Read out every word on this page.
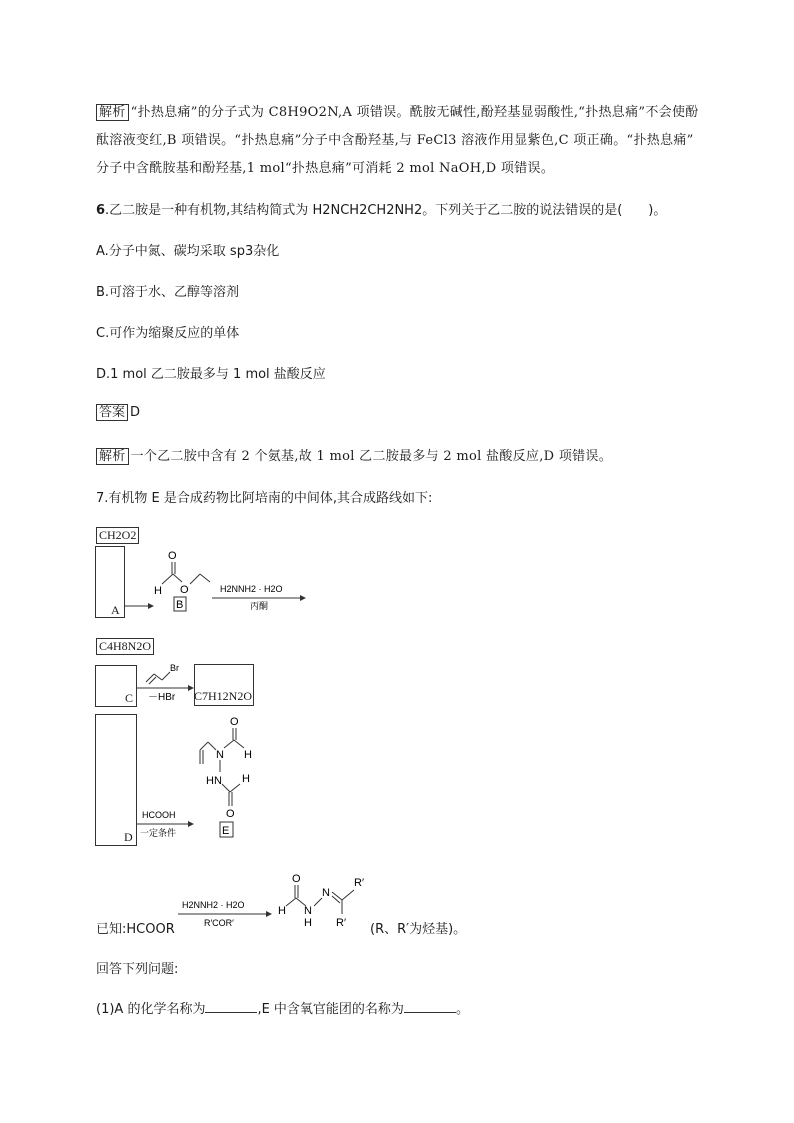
解析 “扑热息痛”的分子式为 C8H9O2N,A 项错误。酰胺无碱性,酚羟基显弱酸性,“扑热息痛”不会使酚
酞溶液变红,B 项错误。“扑热息痛”分子中含酚羟基,与 FeCl3 溶液作用显紫色,C 项正确。“扑热息痛”
分子中含酰胺基和酚羟基,1 mol“扑热息痛”可消耗 2 mol NaOH,D 项错误。
6.乙二胺是一种有机物,其结构简式为 H2NCH2CH2NH2。下列关于乙二胺的说法错误的是(　　)。
A.分子中氮、碳均采取 sp3杂化
B.可溶于水、乙醇等溶剂
C.可作为缩聚反应的单体
D.1 mol 乙二胺最多与 1 mol 盐酸反应
答案 D
解析 一个乙二胺中含有 2 个氨基,故 1 mol 乙二胺最多与 2 mol 盐酸反应,D 项错误。
7.有机物 E 是合成药物比阿培南的中间体,其合成路线如下:
CH2O2
A
O
H O
B
H2NNH2 · H2O
丙酮
C4H8N2O
C
Br
－HBr C7H12N2O
D
HCOOH
一定条件
O
H
N
HN H
O
E
已知:HCOOR
H2NNH2 · H2O
R′COR′
O
H N
H
N
R′
R′ (R、R′为烃基)。
回答下列问题:
(1)A 的化学名称为	,E 中含氧官能团的名称为	。
